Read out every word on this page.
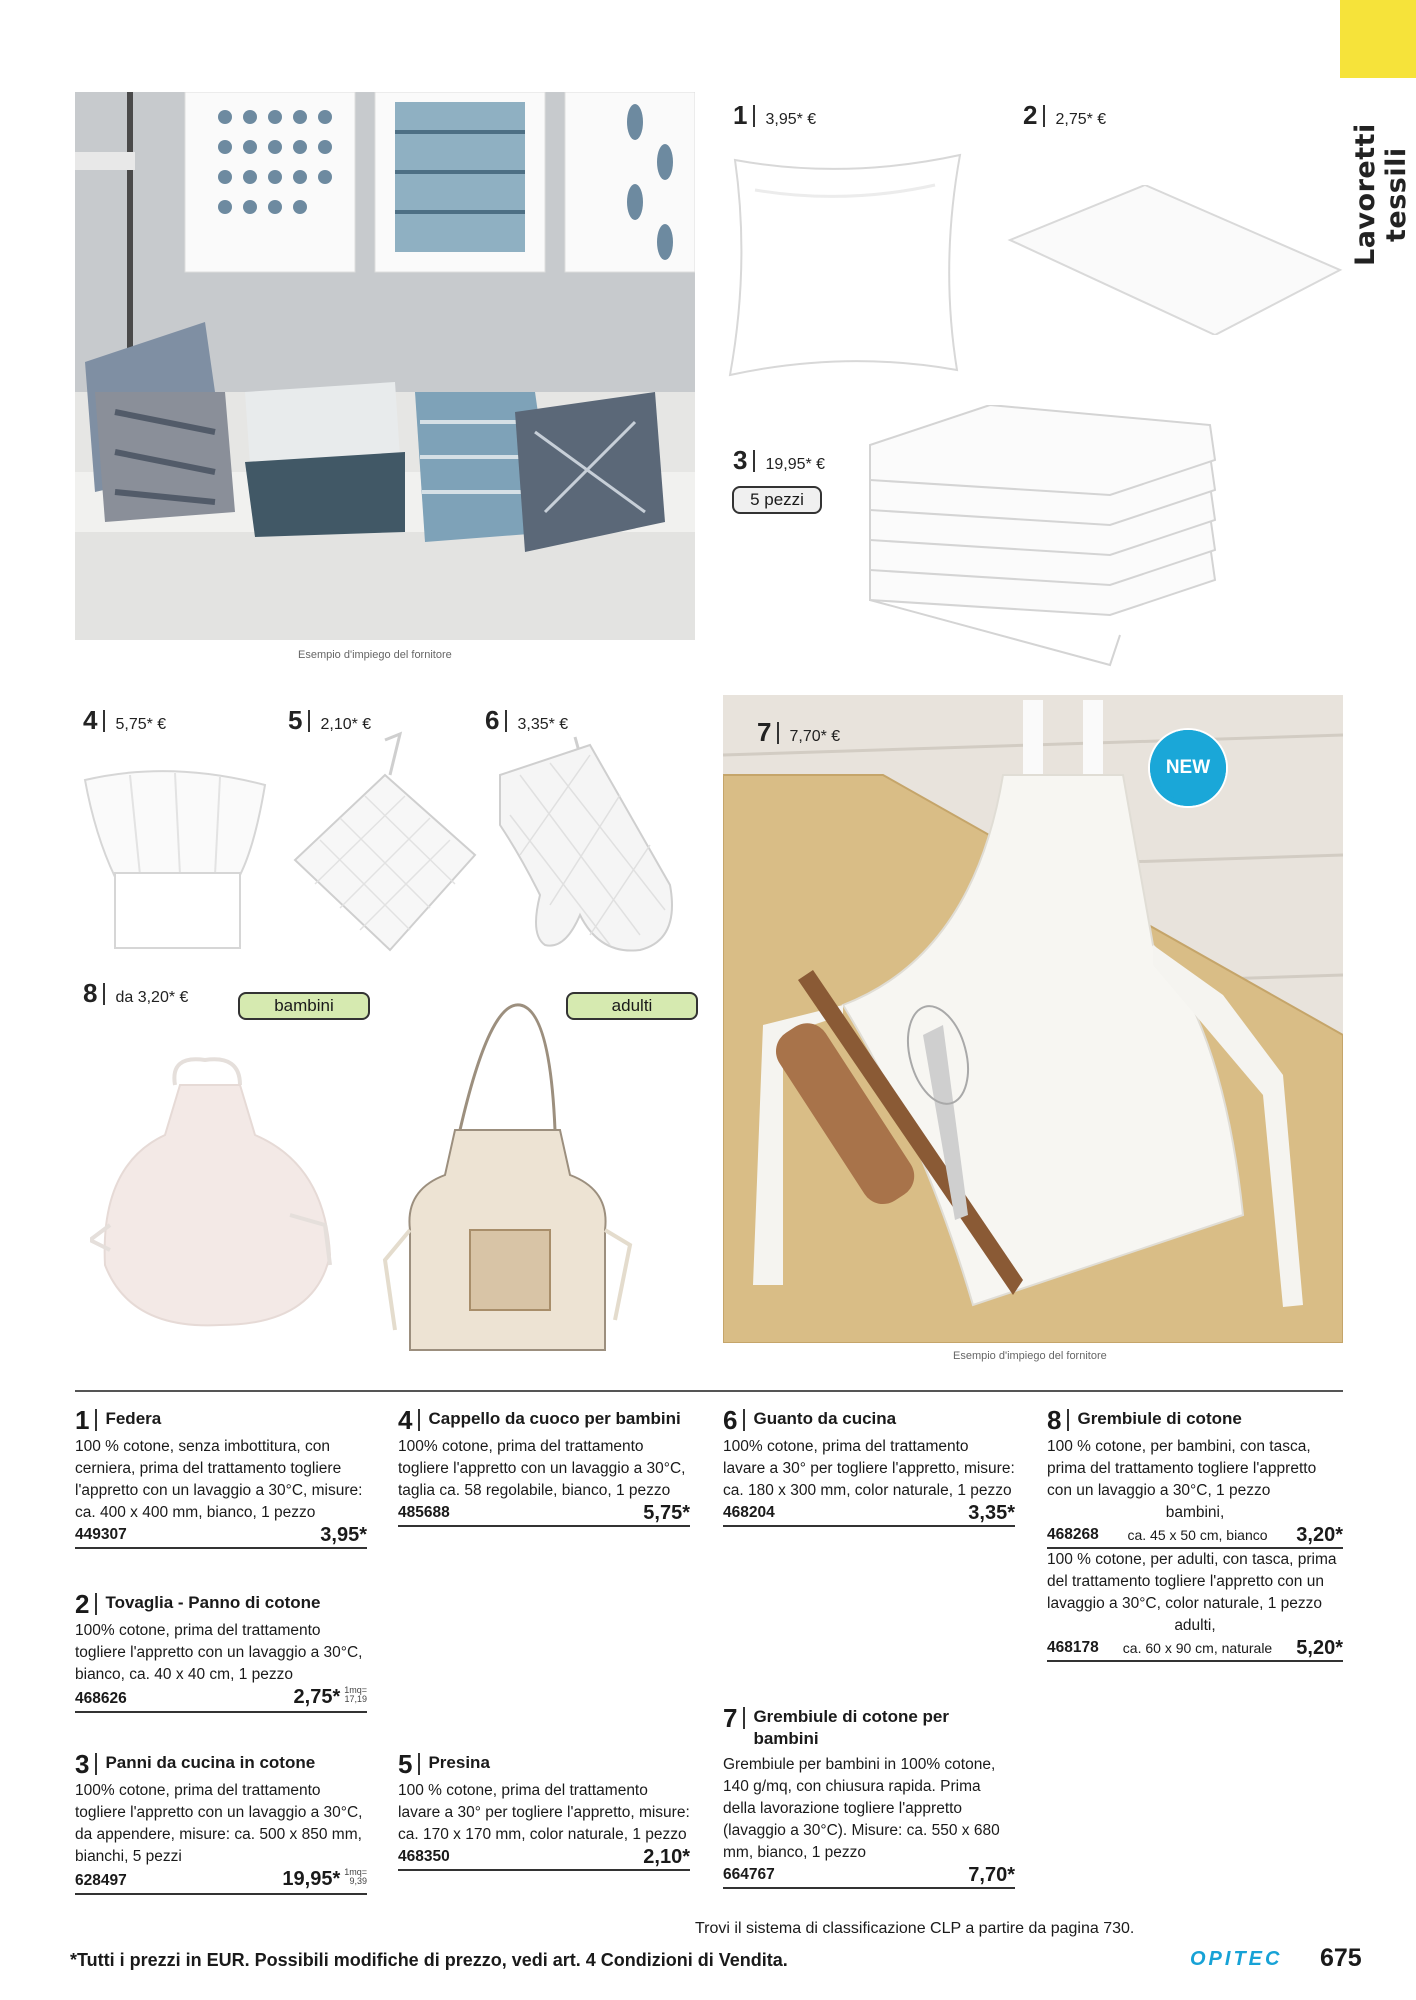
Lavoretti tessili
Esempio d'impiego del fornitore
1 3,95* €	2 2,75* €
3 19,95* €
5 pezzi
4 5,75* €	5 2,10* €	6 3,35* €	7 7,70* €
NEW
Esempio d'impiego del fornitore
8 da 3,20* €	bambini	adulti
1 Federa
100 % cotone, senza imbottitura, con cerniera, prima del trattamento togliere l'appretto con un lavaggio a 30°C, misure: ca. 400 x 400 mm, bianco, 1 pezzo
449307	3,95*
2 Tovaglia - Panno di cotone
100% cotone, prima del trattamento togliere l'appretto con un lavaggio a 30°C, bianco, ca. 40 x 40 cm, 1 pezzo
468626	2,75* 1mq=
17,19
3 Panni da cucina in cotone
100% cotone, prima del trattamento togliere l'appretto con un lavaggio a 30°C, da appendere, misure: ca. 500 x 850 mm, bianchi, 5 pezzi
628497	19,95* 1mq=
9,39
4 Cappello da cuoco per bambini
100% cotone, prima del trattamento togliere l'appretto con un lavaggio a 30°C, taglia ca. 58 regolabile, bianco, 1 pezzo
485688	5,75*
5 Presina
100 % cotone, prima del trattamento lavare a 30° per togliere l'appretto, misure: ca. 170 x 170 mm, color naturale, 1 pezzo
468350	2,10*
6 Guanto da cucina
100% cotone, prima del trattamento lavare a 30° per togliere l'appretto, misure: ca. 180 x 300 mm, color naturale, 1 pezzo
468204	3,35*
7 Grembiule di cotone per bambini
Grembiule per bambini in 100% cotone, 140 g/mq, con chiusura rapida. Prima della lavorazione togliere l'appretto (lavaggio a 30°C). Misure: ca. 550 x 680 mm, bianco, 1 pezzo
664767	7,70*
8 Grembiule di cotone
100 % cotone, per bambini, con tasca, prima del trattamento togliere l'appretto con un lavaggio a 30°C, 1 pezzo
bambini,
468268 ca. 45 x 50 cm, bianco 3,20*
100 % cotone, per adulti, con tasca, prima del trattamento togliere l'appretto con un lavaggio a 30°C, color naturale, 1 pezzo
adulti,
468178 ca. 60 x 90 cm, naturale 5,20*
Trovi il sistema di classificazione CLP a partire da pagina 730.
*Tutti i prezzi in EUR. Possibili modifiche di prezzo, vedi art. 4 Condizioni di Vendita.	OPITEC 675
